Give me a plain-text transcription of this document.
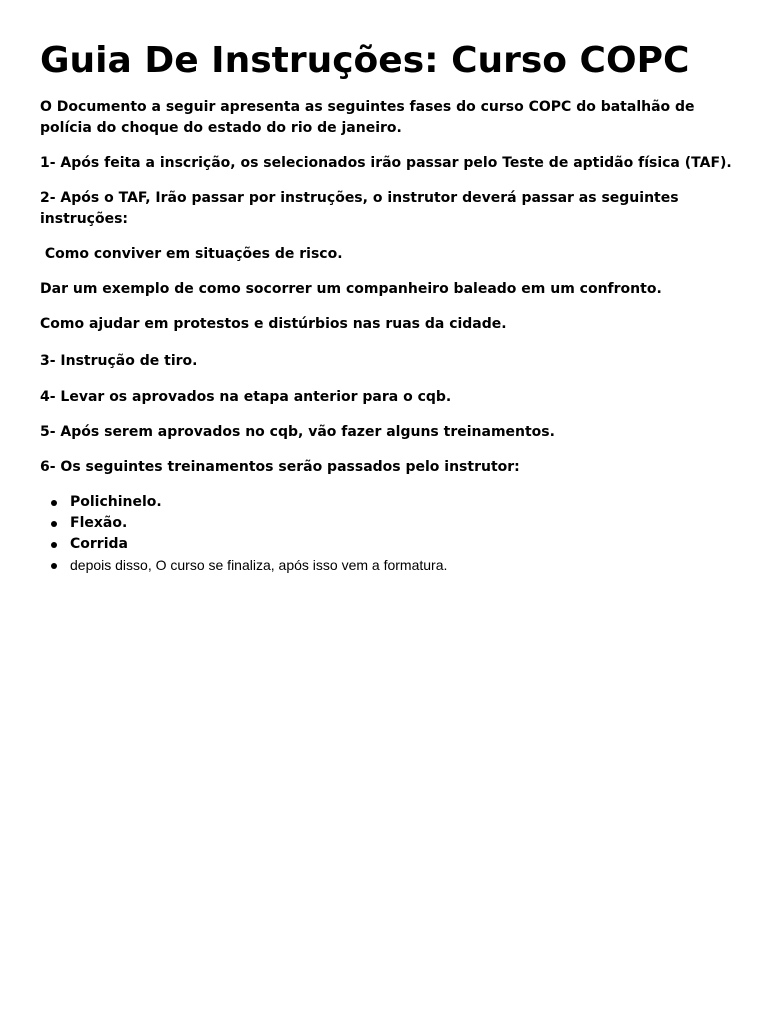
Guia De Instruções: Curso COPC

O Documento a seguir apresenta as seguintes fases do curso COPC do batalhão de polícia do choque do estado do rio de janeiro.

1- Após feita a inscrição, os selecionados irão passar pelo Teste de aptidão física (TAF).

2- Após o TAF, Irão passar por instruções, o instrutor deverá passar as seguintes instruções:

Como conviver em situações de risco.

Dar um exemplo de como socorrer um companheiro baleado em um confronto.

Como ajudar em protestos e distúrbios nas ruas da cidade.

3- Instrução de tiro.

4- Levar os aprovados na etapa anterior para o cqb.

5- Após serem aprovados no cqb, vão fazer alguns treinamentos.

6- Os seguintes treinamentos serão passados pelo instrutor:

Polichinelo.
Flexão.
Corrida
depois disso, O curso se finaliza, após isso vem a formatura.
